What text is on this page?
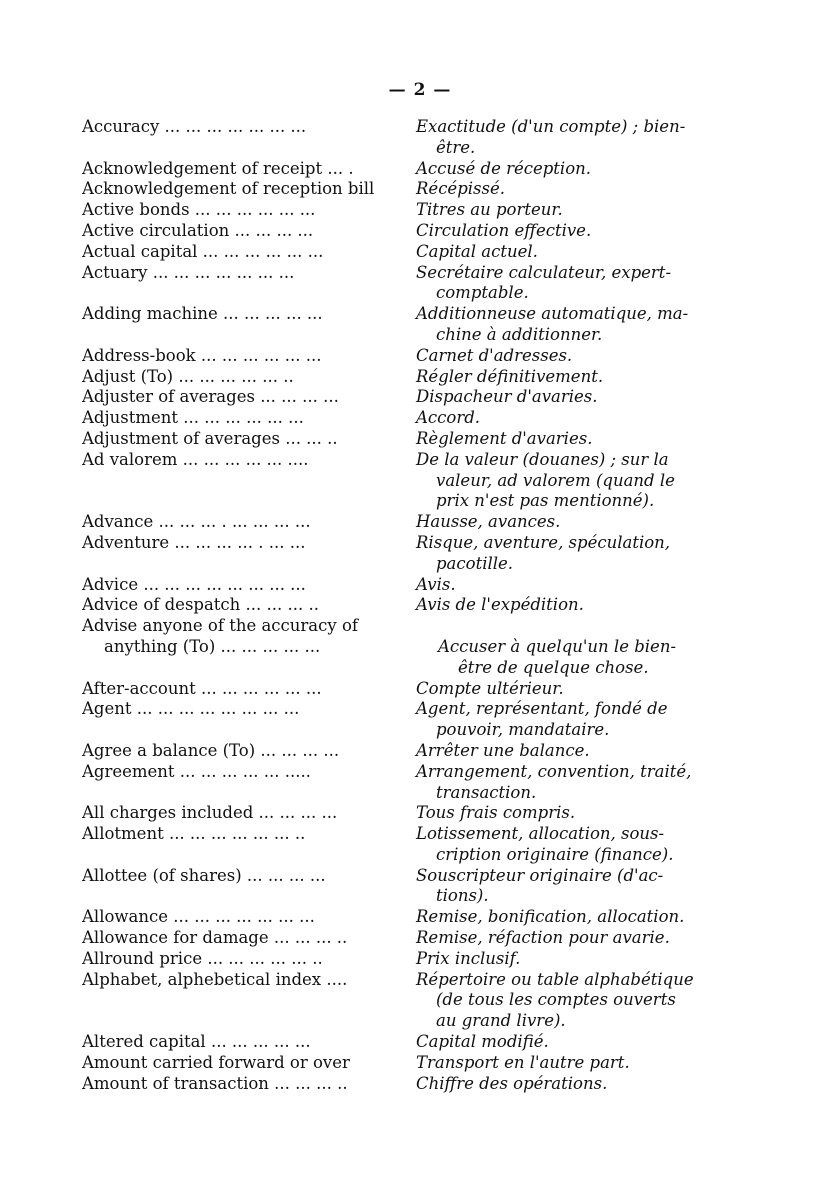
— 2 —
Accuracy ... ... ... ... ... ... ...	Exactitude (d'un compte) ; bien-
être.
Acknowledgement of receipt ... .	Accusé de réception.
Acknowledgement of reception bill	Récépissé.
Active bonds ... ... ... ... ... ...	Titres au porteur.
Active circulation ... ... ... ...	Circulation effective.
Actual capital ... ... ... ... ... ...	Capital actuel.
Actuary ... ... ... ... ... ... ...	Secrétaire calculateur, expert-
comptable.
Adding machine ... ... ... ... ...	Additionneuse automatique, ma-
chine à additionner.
Address-book ... ... ... ... ... ...	Carnet d'adresses.
Adjust (To) ... ... ... ... ... ..	Régler définitivement.
Adjuster of averages ... ... ... ...	Dispacheur d'avaries.
Adjustment ... ... ... ... ... ...	Accord.
Adjustment of averages ... ... ..	Règlement d'avaries.
Ad valorem ... ... ... ... ... ....	De la valeur (douanes) ; sur la
valeur, ad valorem (quand le
prix n'est pas mentionné).
Advance ... ... ... . ... ... ... ...	Hausse, avances.
Adventure ... ... ... ... . ... ...	Risque, aventure, spéculation,
pacotille.
Advice ... ... ... ... ... ... ... ...	Avis.
Advice of despatch ... ... ... ..	Avis de l'expédition.
Advise anyone of the accuracy of
anything (To) ... ... ... ... ...	Accuser à quelqu'un le bien-
être de quelque chose.
After-account ... ... ... ... ... ...	Compte ultérieur.
Agent ... ... ... ... ... ... ... ...	Agent, représentant, fondé de
pouvoir, mandataire.
Agree a balance (To) ... ... ... ...	Arrêter une balance.
Agreement ... ... ... ... ... .....	Arrangement, convention, traité,
transaction.
All charges included ... ... ... ...	Tous frais compris.
Allotment ... ... ... ... ... ... ..	Lotissement, allocation, sous-
cription originaire (finance).
Allottee (of shares) ... ... ... ...	Souscripteur originaire (d'ac-
tions).
Allowance ... ... ... ... ... ... ...	Remise, bonification, allocation.
Allowance for damage ... ... ... ..	Remise, réfaction pour avarie.
Allround price ... ... ... ... ... ..	Prix inclusif.
Alphabet, alphebetical index ....	Répertoire ou table alphabétique
(de tous les comptes ouverts
au grand livre).
Altered capital ... ... ... ... ...	Capital modifié.
Amount carried forward or over	Transport en l'autre part.
Amount of transaction ... ... ... ..	Chiffre des opérations.
